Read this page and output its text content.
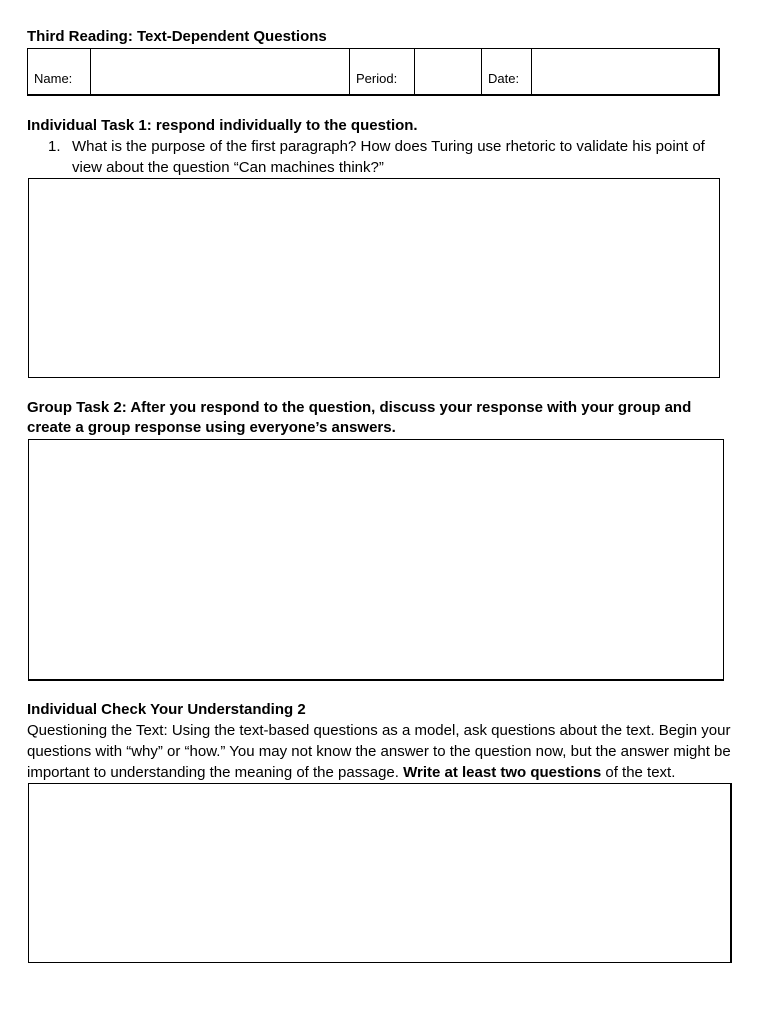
Third Reading: Text-Dependent Questions
Name:		Period:		Date:	
Individual Task 1: respond individually to the question.
1. What is the purpose of the first paragraph? How does Turing use rhetoric to validate his point of view about the question “Can machines think?”
Group Task 2: After you respond to the question, discuss your response with your group and create a group response using everyone’s answers.
Individual Check Your Understanding 2

Questioning the Text: Using the text-based questions as a model, ask questions about the text. Begin your questions with “why” or “how.” You may not know the answer to the question now, but the answer might be important to understanding the meaning of the passage. Write at least two questions of the text.
